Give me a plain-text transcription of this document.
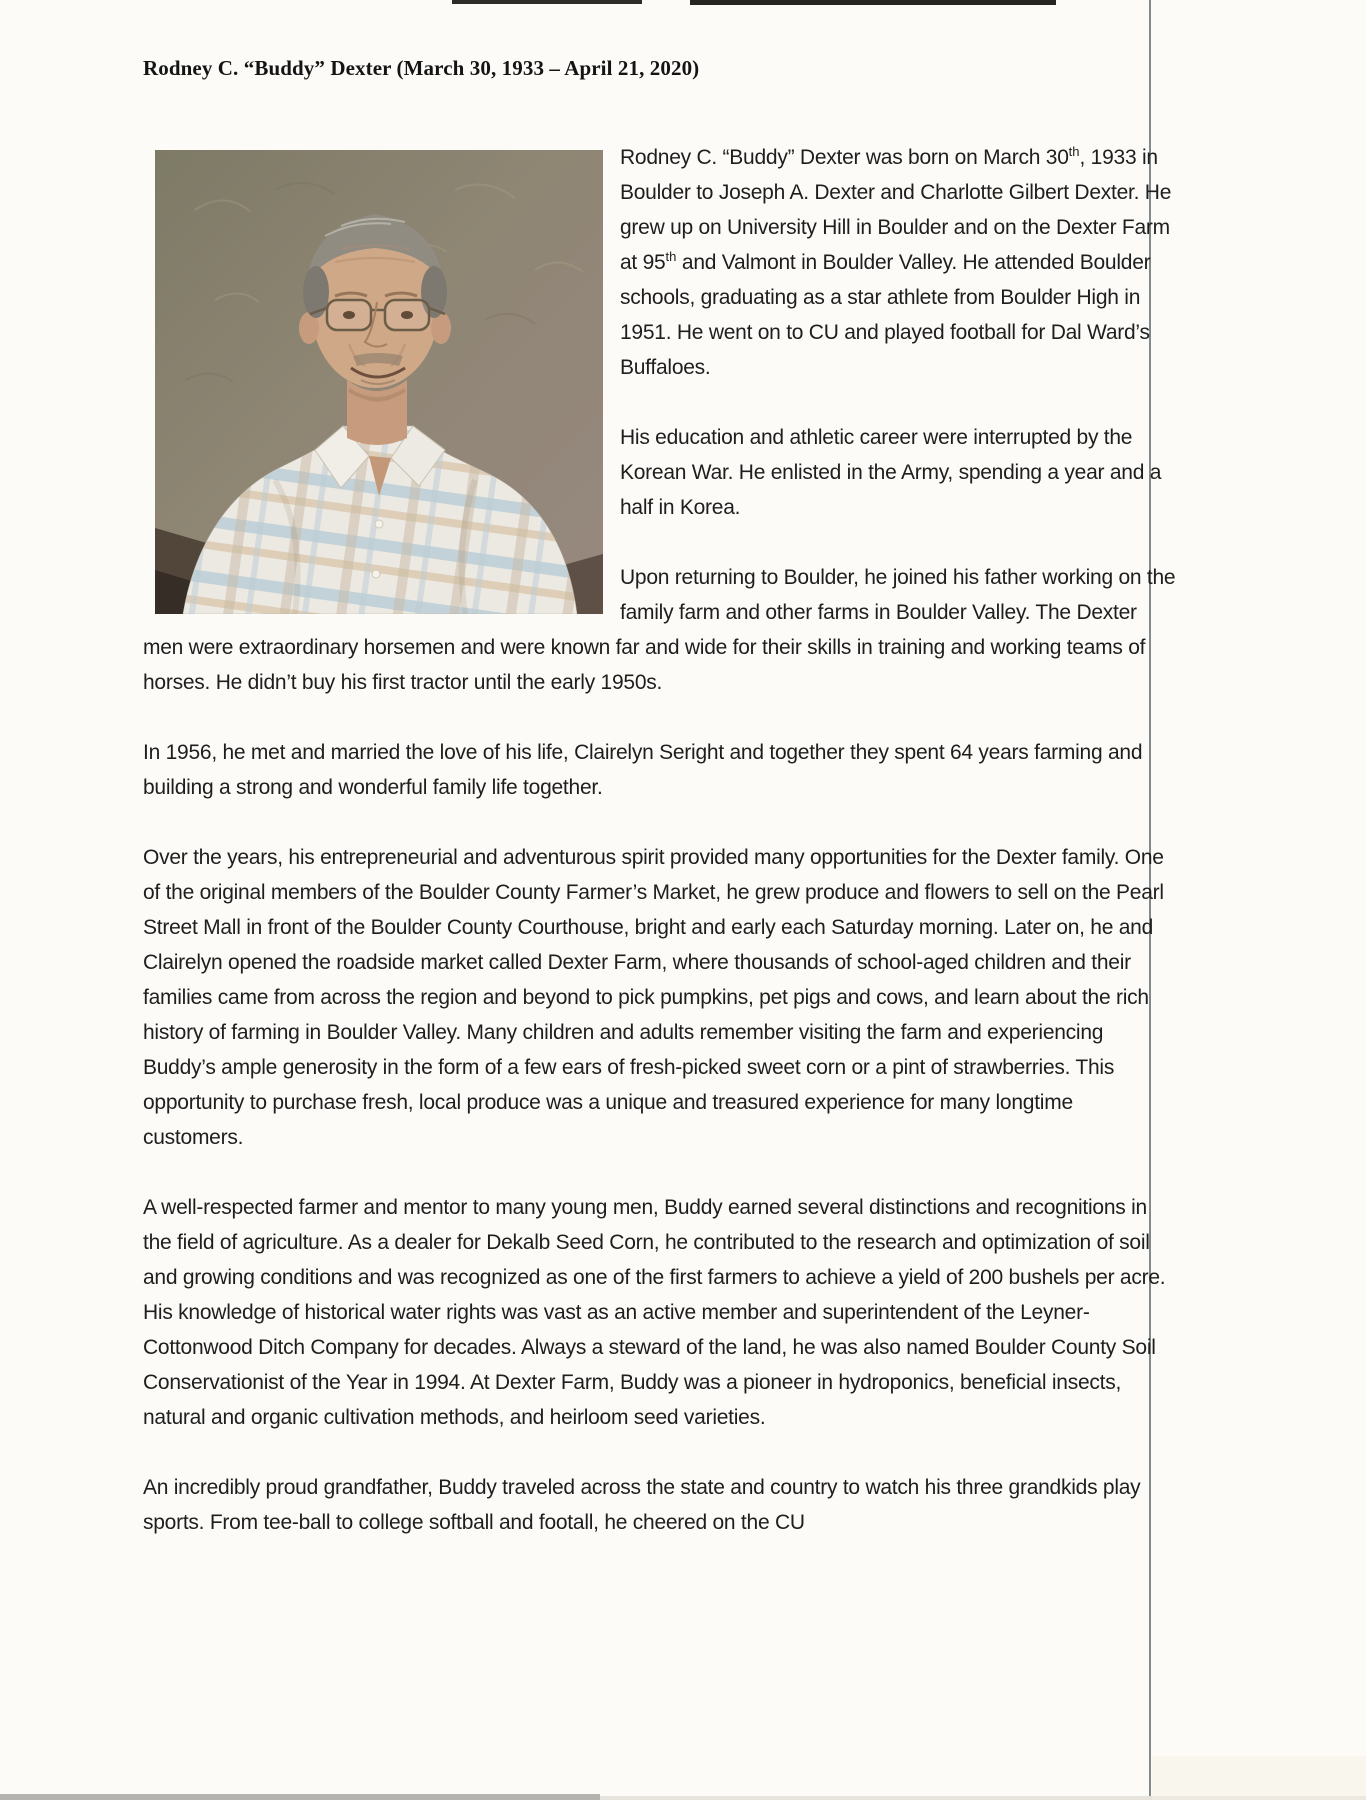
Rodney C. “Buddy” Dexter (March 30, 1933 – April 21, 2020)

Rodney C. “Buddy” Dexter was born on March 30th, 1933 in Boulder to Joseph A. Dexter and Charlotte Gilbert Dexter. He grew up on University Hill in Boulder and on the Dexter Farm at 95th and Valmont in Boulder Valley. He attended Boulder schools, graduating as a star athlete from Boulder High in 1951. He went on to CU and played football for Dal Ward’s Buffaloes.

His education and athletic career were interrupted by the Korean War. He enlisted in the Army, spending a year and a half in Korea.

Upon returning to Boulder, he joined his father working on the family farm and other farms in Boulder Valley. The Dexter men were extraordinary horsemen and were known far and wide for their skills in training and working teams of horses. He didn’t buy his first tractor until the early 1950s.

In 1956, he met and married the love of his life, Clairelyn Seright and together they spent 64 years farming and building a strong and wonderful family life together.

Over the years, his entrepreneurial and adventurous spirit provided many opportunities for the Dexter family. One of the original members of the Boulder County Farmer’s Market, he grew produce and flowers to sell on the Pearl Street Mall in front of the Boulder County Courthouse, bright and early each Saturday morning. Later on, he and Clairelyn opened the roadside market called Dexter Farm, where thousands of school-aged children and their families came from across the region and beyond to pick pumpkins, pet pigs and cows, and learn about the rich history of farming in Boulder Valley. Many children and adults remember visiting the farm and experiencing Buddy’s ample generosity in the form of a few ears of fresh-picked sweet corn or a pint of strawberries. This opportunity to purchase fresh, local produce was a unique and treasured experience for many longtime customers.

A well-respected farmer and mentor to many young men, Buddy earned several distinctions and recognitions in the field of agriculture. As a dealer for Dekalb Seed Corn, he contributed to the research and optimization of soil and growing conditions and was recognized as one of the first farmers to achieve a yield of 200 bushels per acre. His knowledge of historical water rights was vast as an active member and superintendent of the Leyner-Cottonwood Ditch Company for decades. Always a steward of the land, he was also named Boulder County Soil Conservationist of the Year in 1994. At Dexter Farm, Buddy was a pioneer in hydroponics, beneficial insects, natural and organic cultivation methods, and heirloom seed varieties.

An incredibly proud grandfather, Buddy traveled across the state and country to watch his three grandkids play sports. From tee-ball to college softball and footall, he cheered on the CU
